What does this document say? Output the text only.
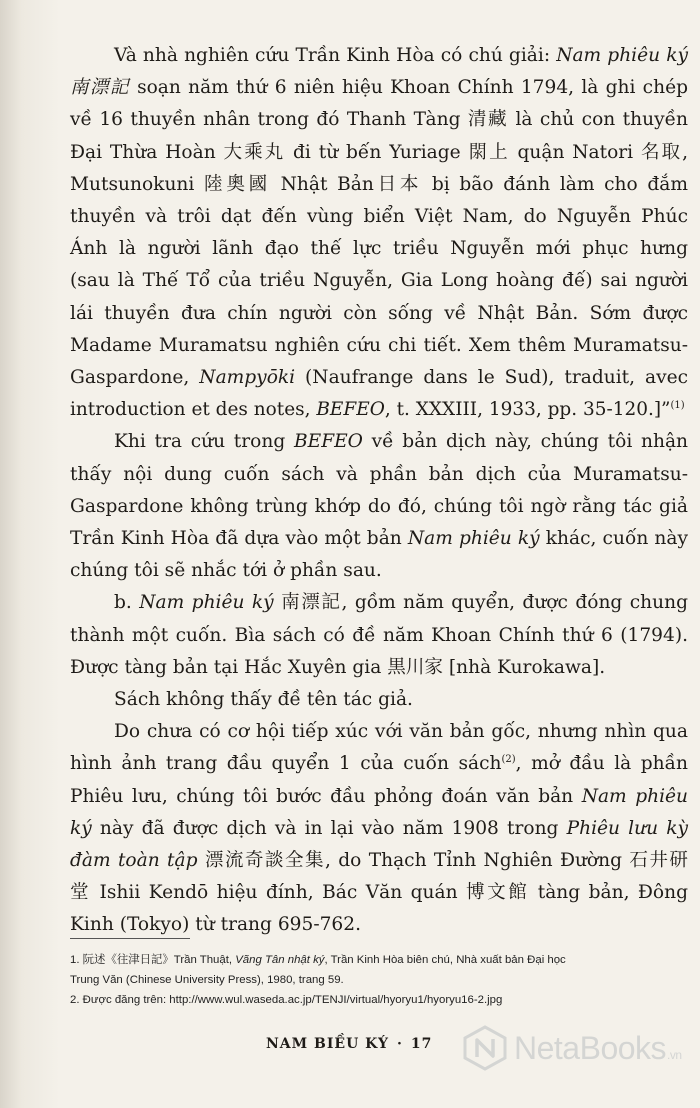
Và nhà nghiên cứu Trần Kinh Hòa có chú giải: Nam phiêu ký
南漂記 soạn năm thứ 6 niên hiệu Khoan Chính 1794, là ghi chép
về 16 thuyền nhân trong đó Thanh Tàng 清藏 là chủ con thuyền
Đại Thừa Hoàn 大乘丸 đi từ bến Yuriage 閖上 quận Natori 名取,
Mutsunokuni 陸奧國 Nhật Bản日本 bị bão đánh làm cho đắm
thuyền và trôi dạt đến vùng biển Việt Nam, do Nguyễn Phúc
Ánh là người lãnh đạo thế lực triều Nguyễn mới phục hưng
(sau là Thế Tổ của triều Nguyễn, Gia Long hoàng đế) sai người
lái thuyền đưa chín người còn sống về Nhật Bản. Sớm được
Madame Muramatsu nghiên cứu chi tiết. Xem thêm Muramatsu-
Gaspardone, Nampyōki (Naufrange dans le Sud), traduit, avec
introduction et des notes, BEFEO, t. XXXIII, 1933, pp. 35-120.]”$^{(1)}$
Khi tra cứu trong BEFEO về bản dịch này, chúng tôi nhận
thấy nội dung cuốn sách và phần bản dịch của Muramatsu-
Gaspardone không trùng khớp do đó, chúng tôi ngờ rằng tác giả
Trần Kinh Hòa đã dựa vào một bản Nam phiêu ký khác, cuốn này
chúng tôi sẽ nhắc tới ở phần sau.
b. Nam phiêu ký 南漂記, gồm năm quyển, được đóng chung
thành một cuốn. Bìa sách có đề năm Khoan Chính thứ 6 (1794).
Được tàng bản tại Hắc Xuyên gia 黒川家 [nhà Kurokawa].
Sách không thấy đề tên tác giả.
Do chưa có cơ hội tiếp xúc với văn bản gốc, nhưng nhìn qua
hình ảnh trang đầu quyển 1 của cuốn sách$^{(2)}$, mở đầu là phần
Phiêu lưu, chúng tôi bước đầu phỏng đoán văn bản Nam phiêu
ký này đã được dịch và in lại vào năm 1908 trong Phiêu lưu kỳ
đàm toàn tập 漂流奇談全集, do Thạch Tỉnh Nghiên Đường 石井研
堂 Ishii Kendō hiệu đính, Bác Văn quán 博文館 tàng bản, Đông
Kinh (Tokyo) từ trang 695-762.
1. 阮述《往津日記》Trần Thuật, Vãng Tân nhật ký, Trần Kinh Hòa biên chú, Nhà xuất bản Đại học
Trung Văn (Chinese University Press), 1980, trang 59.
2. Được đăng trên: http://www.wul.waseda.ac.jp/TENJI/virtual/hyoryu1/hyoryu16-2.jpg
NAM BIỀU KÝ · 17	NetaBooks.vn
